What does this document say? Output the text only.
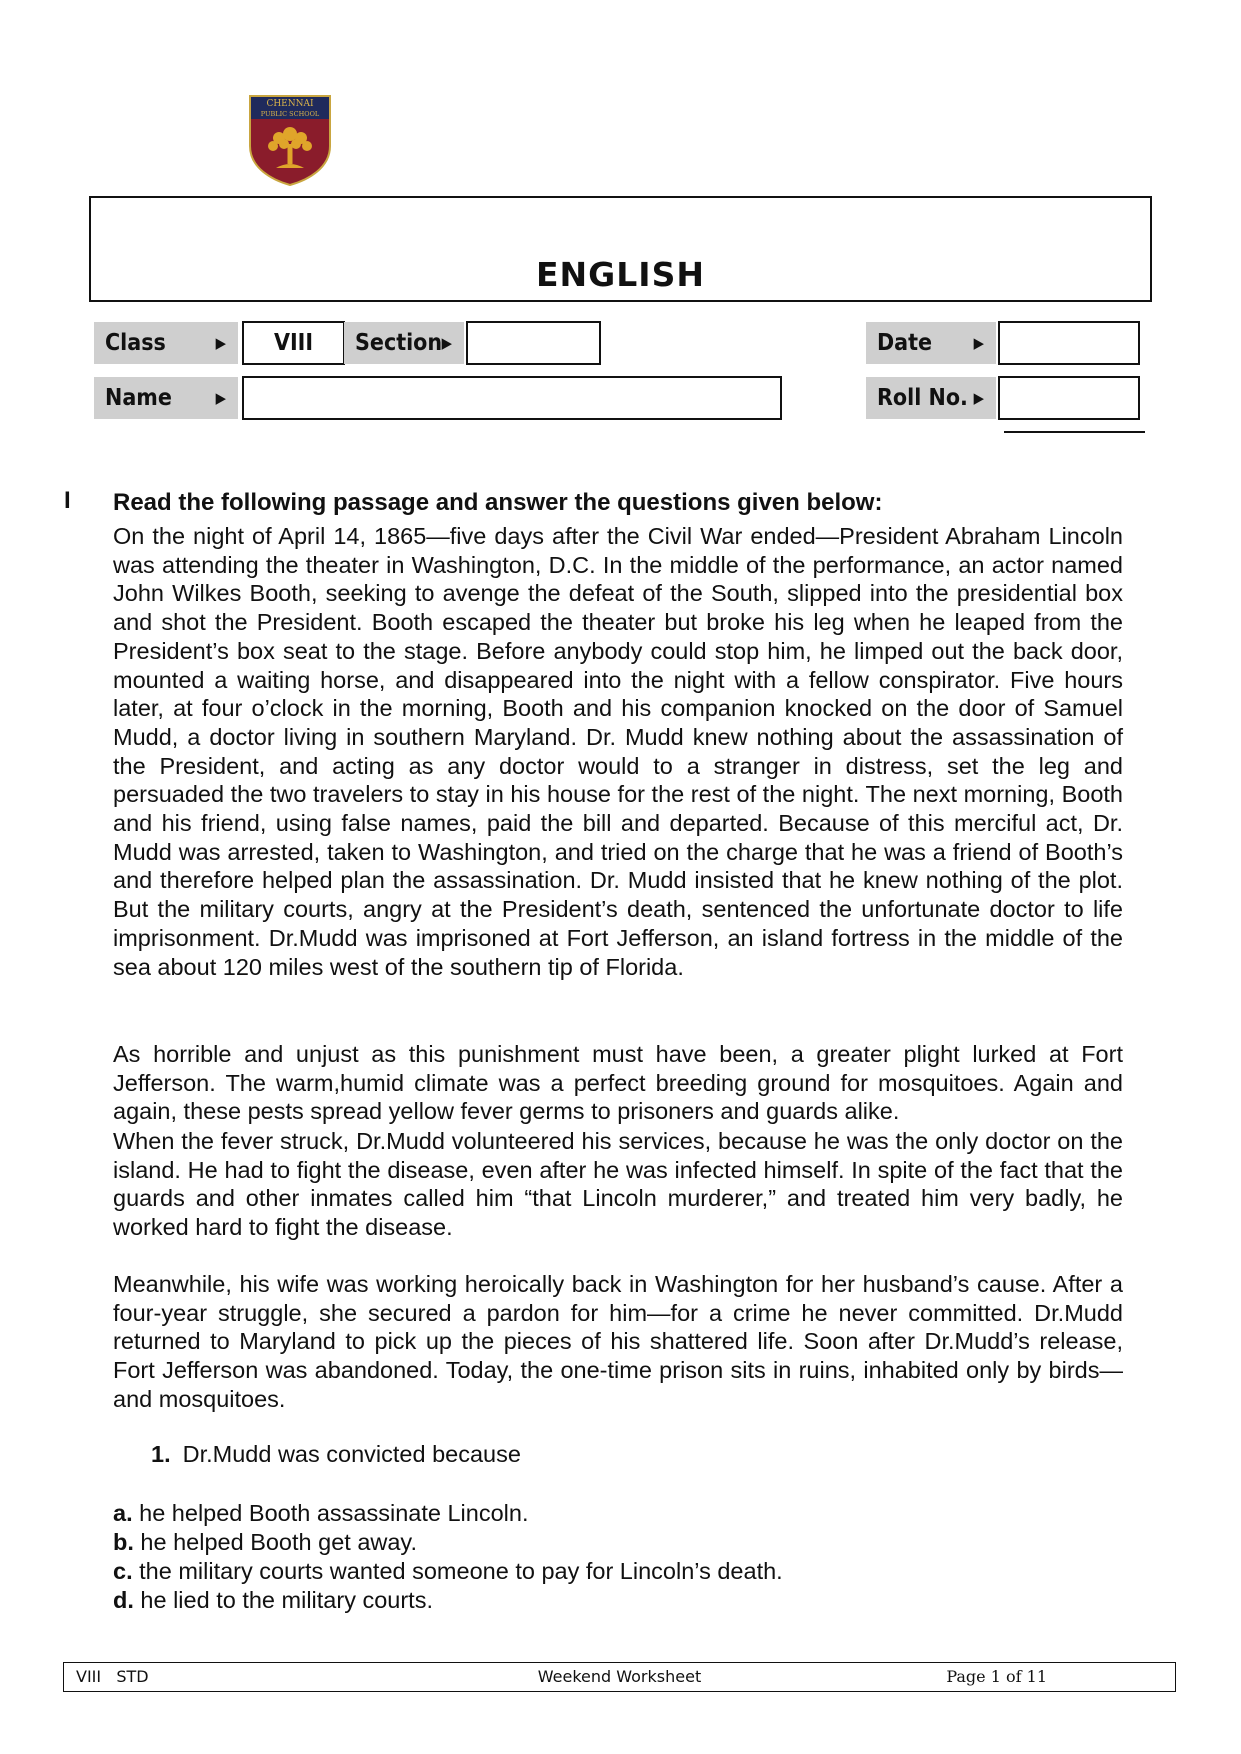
CHENNAI
PUBLIC SCHOOL
ENGLISH
Class	▶	VIII	Section ▶	Date	▶
Name	▶	Roll No. ▶
I Read the following passage and answer the questions given below:

On the night of April 14, 1865—five days after the Civil War ended—President Abraham Lincoln was attending the theater in Washington, D.C. In the middle of the performance, an actor named John Wilkes Booth, seeking to avenge the defeat of the South, slipped into the presidential box and shot the President. Booth escaped the theater but broke his leg when he leaped from the President’s box seat to the stage. Before anybody could stop him, he limped out the back door, mounted a waiting horse, and disappeared into the night with a fellow conspirator. Five hours later, at four o’clock in the morning, Booth and his companion knocked on the door of Samuel Mudd, a doctor living in southern Maryland. Dr. Mudd knew nothing about the assassination of the President, and acting as any doctor would to a stranger in distress, set the leg and persuaded the two travelers to stay in his house for the rest of the night. The next morning, Booth and his friend, using false names, paid the bill and departed. Because of this merciful act, Dr. Mudd was arrested, taken to Washington, and tried on the charge that he was a friend of Booth’s and therefore helped plan the assassination. Dr. Mudd insisted that he knew nothing of the plot. But the military courts, angry at the President’s death, sentenced the unfortunate doctor to life imprisonment. Dr.Mudd was imprisoned at Fort Jefferson, an island fortress in the middle of the sea about 120 miles west of the southern tip of Florida.

As horrible and unjust as this punishment must have been, a greater plight lurked at Fort Jefferson. The warm,humid climate was a perfect breeding ground for mosquitoes. Again and again, these pests spread yellow fever germs to prisoners and guards alike.

When the fever struck, Dr.Mudd volunteered his services, because he was the only doctor on the island. He had to fight the disease, even after he was infected himself. In spite of the fact that the guards and other inmates called him “that Lincoln murderer,” and treated him very badly, he worked hard to fight the disease.

Meanwhile, his wife was working heroically back in Washington for her husband’s cause. After a four-year struggle, she secured a pardon for him—for a crime he never committed. Dr.Mudd returned to Maryland to pick up the pieces of his shattered life. Soon after Dr.Mudd’s release, Fort Jefferson was abandoned. Today, the one-time prison sits in ruins, inhabited only by birds—and mosquitoes.

1. Dr.Mudd was convicted because
a. he helped Booth assassinate Lincoln.
b. he helped Booth get away.
c. the military courts wanted someone to pay for Lincoln’s death.
d. he lied to the military courts.
VIII   STD	Weekend Worksheet	Page 1 of 11
